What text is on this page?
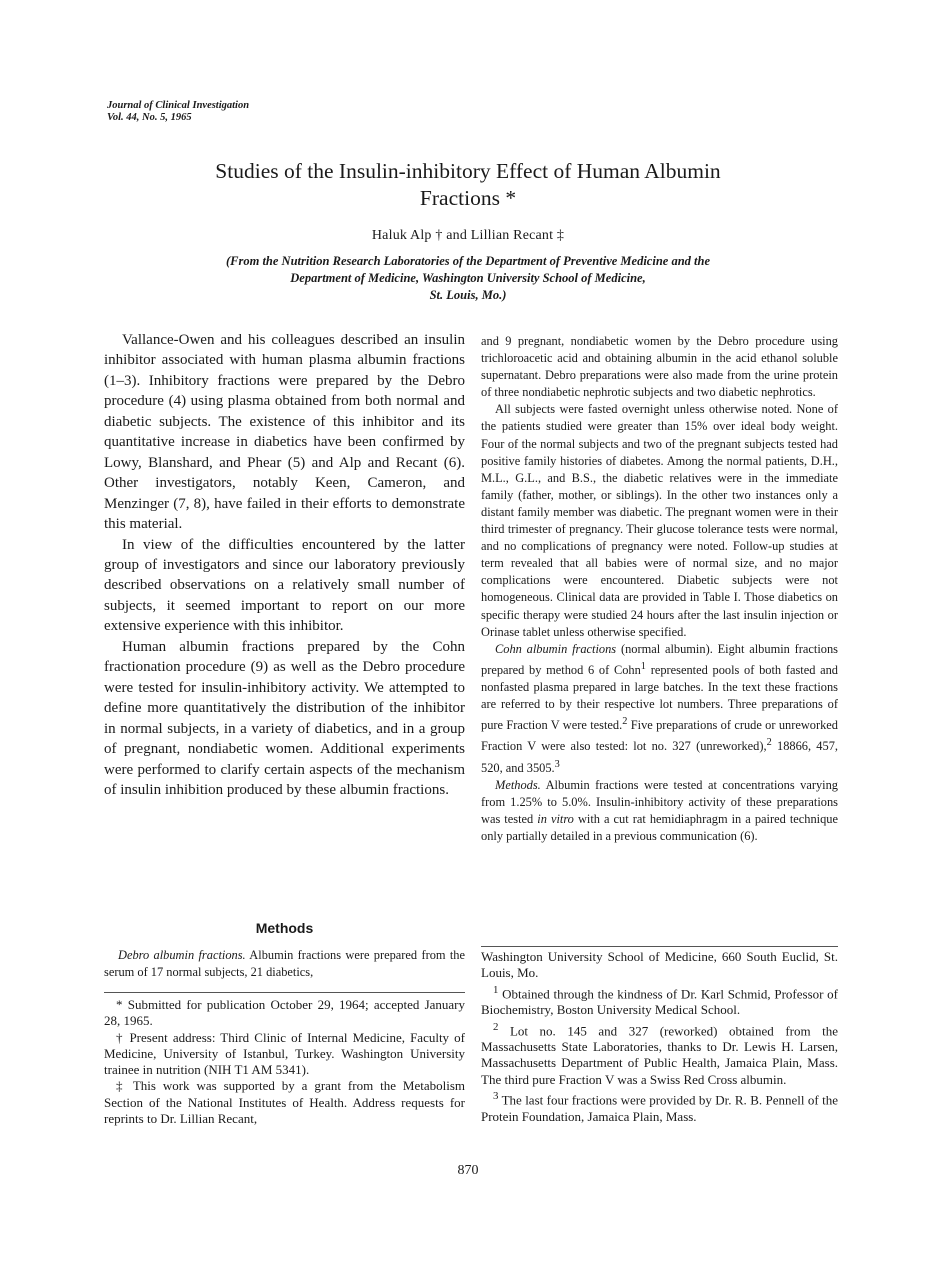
Journal of Clinical Investigation
Vol. 44, No. 5, 1965
Studies of the Insulin-inhibitory Effect of Human Albumin
Fractions *
Haluk Alp † and Lillian Recant ‡
(From the Nutrition Research Laboratories of the Department of Preventive Medicine and the
Department of Medicine, Washington University School of Medicine,
St. Louis, Mo.)

Vallance-Owen and his colleagues described an insulin inhibitor associated with human plasma albumin fractions (1–3). Inhibitory fractions were prepared by the Debro procedure (4) using plasma obtained from both normal and diabetic subjects. The existence of this inhibitor and its quantitative increase in diabetics have been confirmed by Lowy, Blanshard, and Phear (5) and Alp and Recant (6). Other investigators, notably Keen, Cameron, and Menzinger (7, 8), have failed in their efforts to demonstrate this material.

In view of the difficulties encountered by the latter group of investigators and since our laboratory previously described observations on a relatively small number of subjects, it seemed important to report on our more extensive experience with this inhibitor.

Human albumin fractions prepared by the Cohn fractionation procedure (9) as well as the Debro procedure were tested for insulin-inhibitory activity. We attempted to define more quantitatively the distribution of the inhibitor in normal subjects, in a variety of diabetics, and in a group of pregnant, nondiabetic women. Additional experiments were performed to clarify certain aspects of the mechanism of insulin inhibition produced by these albumin fractions.

Methods

Debro albumin fractions. Albumin fractions were prepared from the serum of 17 normal subjects, 21 diabetics,

* Submitted for publication October 29, 1964; accepted January 28, 1965.

† Present address: Third Clinic of Internal Medicine, Faculty of Medicine, University of Istanbul, Turkey. Washington University trainee in nutrition (NIH T1 AM 5341).

‡ This work was supported by a grant from the Metabolism Section of the National Institutes of Health. Address requests for reprints to Dr. Lillian Recant,

and 9 pregnant, nondiabetic women by the Debro procedure using trichloroacetic acid and obtaining albumin in the acid ethanol soluble supernatant. Debro preparations were also made from the urine protein of three nondiabetic nephrotic subjects and two diabetic nephrotics.

All subjects were fasted overnight unless otherwise noted. None of the patients studied were greater than 15% over ideal body weight. Four of the normal subjects and two of the pregnant subjects tested had positive family histories of diabetes. Among the normal patients, D.H., M.L., G.L., and B.S., the diabetic relatives were in the immediate family (father, mother, or siblings). In the other two instances only a distant family member was diabetic. The pregnant women were in their third trimester of pregnancy. Their glucose tolerance tests were normal, and no complications of pregnancy were noted. Follow-up studies at term revealed that all babies were of normal size, and no major complications were encountered. Diabetic subjects were not homogeneous. Clinical data are provided in Table I. Those diabetics on specific therapy were studied 24 hours after the last insulin injection or Orinase tablet unless otherwise specified.

Cohn albumin fractions (normal albumin). Eight albumin fractions prepared by method 6 of Cohn$^1$ represented pools of both fasted and nonfasted plasma prepared in large batches. In the text these fractions are referred to by their respective lot numbers. Three preparations of pure Fraction V were tested.$^2$ Five preparations of crude or unreworked Fraction V were also tested: lot no. 327 (unreworked),$^2$ 18866, 457, 520, and 3505.$^3$

Methods. Albumin fractions were tested at concentrations varying from 1.25% to 5.0%. Insulin-inhibitory activity of these preparations was tested in vitro with a cut rat hemidiaphragm in a paired technique only partially detailed in a previous communication (6).

Washington University School of Medicine, 660 South Euclid, St. Louis, Mo.

$^1$ Obtained through the kindness of Dr. Karl Schmid, Professor of Biochemistry, Boston University Medical School.

$^2$ Lot no. 145 and 327 (reworked) obtained from the Massachusetts State Laboratories, thanks to Dr. Lewis H. Larsen, Massachusetts Department of Public Health, Jamaica Plain, Mass. The third pure Fraction V was a Swiss Red Cross albumin.

$^3$ The last four fractions were provided by Dr. R. B. Pennell of the Protein Foundation, Jamaica Plain, Mass.

870
